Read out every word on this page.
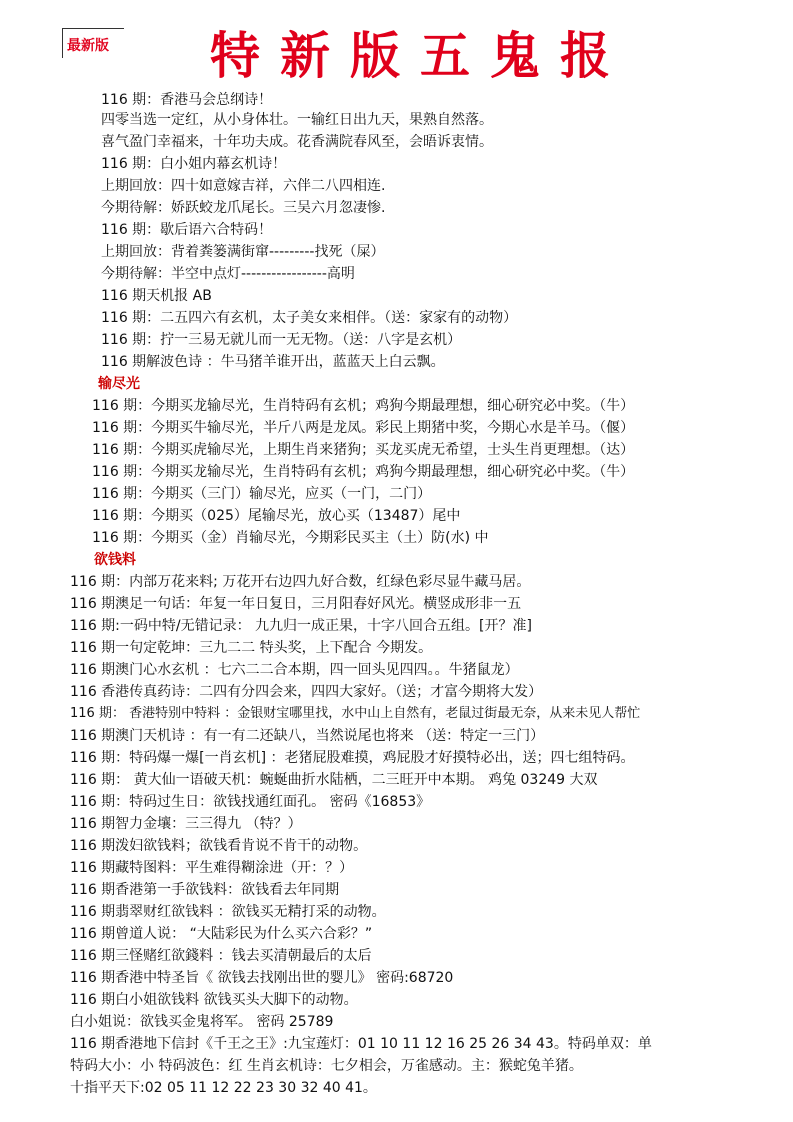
最新版	特新版五鬼报
116 期：香港马会总纲诗！
四零当选一定红，从小身体壮。一输红日出九天，果熟自然落。
喜气盈门幸福来，十年功夫成。花香满院春风至，会晤诉衷情。
116 期：白小姐内幕玄机诗！
上期回放：四十如意嫁吉祥，六伴二八四相连.
今期待解：娇跃蛟龙爪尾长。三吴六月忽凄惨.
116 期：歇后语六合特码！
上期回放：背着粪篓满街窜---------找死（屎）
今期待解：半空中点灯-----------------高明
116 期天机报 AB
116 期：二五四六有玄机，太子美女来相伴。（送：家家有的动物）
116 期：拧一三易无就儿而一无无物。（送：八字是玄机）
116 期解波色诗 ：牛马猪羊谁开出，蓝蓝天上白云飘。
输尽光
116 期：今期买龙输尽光，生肖特码有玄机；鸡狗今期最理想，细心研究必中奖。（牛）
116 期：今期买牛输尽光，半斤八两是龙凤。彩民上期猪中奖，今期心水是羊马。（偃）
116 期：今期买虎输尽光，上期生肖来猪狗；买龙买虎无希望，士头生肖更理想。（达）
116 期：今期买龙输尽光，生肖特码有玄机；鸡狗今期最理想，细心研究必中奖。（牛）
116 期：今期买（三门）输尽光，应买（一门，二门）
116 期：今期买（025）尾输尽光，放心买（13487）尾中
116 期：今期买（金）肖输尽光，今期彩民买主（土）防(水) 中
欲钱料
116 期：内部万花来料; 万花开右边四九好合数，红绿色彩尽显牛藏马居。
116 期澳足一句话：年复一年日复日，三月阳春好风光。横竖成形非一五
116 期:一码中特/无错记录： 九九归一成正果，十字八回合五组。[开？准]
116 期一句定乾坤：三九二二 特头奖，上下配合 今期发。
116 期澳门心水玄机 ：七六二二合本期，四一回头见四四。。牛猪鼠龙）
116 香港传真药诗：二四有分四会来，四四大家好。（送；才富今期将大发）
116 期： 香港特别中特料 ：金银财宝哪里找，水中山上自然有，老鼠过街最无奈，从来未见人帮忙
116 期澳门天机诗 ：有一有二还缺八，当然说尾也将来 （送：特定一三门）
116 期：特码爆一爆[一肖玄机] ：老猪屁股难摸，鸡屁股才好摸特必出，送；四七组特码。
116 期： 黄大仙一语破天机：蜿蜒曲折水陆栖，二三旺开中本期。 鸡兔 03249 大双
116 期：特码过生日：欲钱找通红面孔。 密码《16853》
116 期智力金壤：三三得九 （特？）
116 期泼妇欲钱料；欲钱看肯说不肯干的动物。
116 期藏特图料：平生难得糊涂进（开：？）
116 期香港第一手欲钱料：欲钱看去年同期
116 期翡翠财红欲钱料 ：欲钱买无精打采的动物。
116 期曾道人说： “大陆彩民为什么买六合彩？”
116 期三怪赌红欲錢料 ：钱去买清朝最后的太后
116 期香港中特圣旨《 欲钱去找刚出世的婴儿》 密码:68720
116 期白小姐欲钱料 欲钱买头大脚下的动物。
白小姐说：欲钱买金鬼将军。 密码 25789
116 期香港地下信封《千王之王》:九宝莲灯：01 10 11 12 16 25 26 34 43。特码单双：单
特码大小：小 特码波色：红 生肖玄机诗：七夕相会，万雀感动。主：猴蛇兔羊猪。
十指平天下:02 05 11 12 22 23 30 32 40 41。
